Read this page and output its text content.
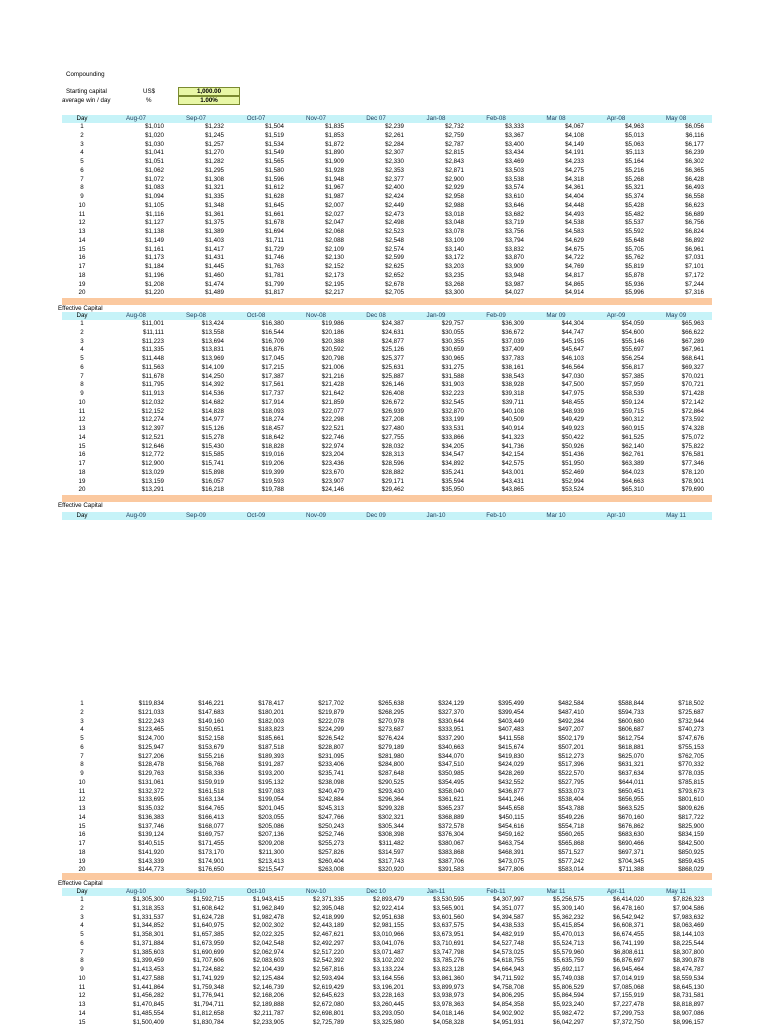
Compounding
Starting capital	US$	1,000.00
average win / day	%	1.00%
Day	Aug-07	Sep-07	Oct-07	Nov-07	Dec 07	Jan-08	Feb-08	Mar 08	Apr-08	May 08
1	$1,010	$1,232	$1,504	$1,835	$2,239	$2,732	$3,333	$4,067	$4,963	$6,056
2	$1,020	$1,245	$1,519	$1,853	$2,261	$2,759	$3,367	$4,108	$5,013	$6,116
3	$1,030	$1,257	$1,534	$1,872	$2,284	$2,787	$3,400	$4,149	$5,063	$6,177
4	$1,041	$1,270	$1,549	$1,890	$2,307	$2,815	$3,434	$4,191	$5,113	$6,239
5	$1,051	$1,282	$1,565	$1,909	$2,330	$2,843	$3,469	$4,233	$5,164	$6,302
6	$1,062	$1,295	$1,580	$1,928	$2,353	$2,871	$3,503	$4,275	$5,216	$6,365
7	$1,072	$1,308	$1,596	$1,948	$2,377	$2,900	$3,538	$4,318	$5,268	$6,428
8	$1,083	$1,321	$1,612	$1,967	$2,400	$2,929	$3,574	$4,361	$5,321	$6,493
9	$1,094	$1,335	$1,628	$1,987	$2,424	$2,958	$3,610	$4,404	$5,374	$6,558
10	$1,105	$1,348	$1,645	$2,007	$2,449	$2,988	$3,646	$4,448	$5,428	$6,623
11	$1,116	$1,361	$1,661	$2,027	$2,473	$3,018	$3,682	$4,493	$5,482	$6,689
12	$1,127	$1,375	$1,678	$2,047	$2,498	$3,048	$3,719	$4,538	$5,537	$6,756
13	$1,138	$1,389	$1,694	$2,068	$2,523	$3,078	$3,756	$4,583	$5,592	$6,824
14	$1,149	$1,403	$1,711	$2,088	$2,548	$3,109	$3,794	$4,629	$5,648	$6,892
15	$1,161	$1,417	$1,729	$2,109	$2,574	$3,140	$3,832	$4,675	$5,705	$6,961
16	$1,173	$1,431	$1,746	$2,130	$2,599	$3,172	$3,870	$4,722	$5,762	$7,031
17	$1,184	$1,445	$1,763	$2,152	$2,625	$3,203	$3,909	$4,769	$5,819	$7,101
18	$1,196	$1,460	$1,781	$2,173	$2,652	$3,235	$3,948	$4,817	$5,878	$7,172
19	$1,208	$1,474	$1,799	$2,195	$2,678	$3,268	$3,987	$4,865	$5,936	$7,244
20	$1,220	$1,489	$1,817	$2,217	$2,705	$3,300	$4,027	$4,914	$5,996	$7,316
Effective Capital
Day	Aug-08	Sep-08	Oct-08	Nov-08	Dec 08	Jan-09	Feb-09	Mar 09	Apr-09	May 09
1	$11,001	$13,424	$16,380	$19,986	$24,387	$29,757	$36,309	$44,304	$54,059	$65,963
2	$11,111	$13,558	$16,544	$20,186	$24,631	$30,055	$36,672	$44,747	$54,600	$66,622
3	$11,223	$13,694	$16,709	$20,388	$24,877	$30,355	$37,039	$45,195	$55,146	$67,289
4	$11,335	$13,831	$16,876	$20,592	$25,126	$30,659	$37,409	$45,647	$55,697	$67,961
5	$11,448	$13,969	$17,045	$20,798	$25,377	$30,965	$37,783	$46,103	$56,254	$68,641
6	$11,563	$14,109	$17,215	$21,006	$25,631	$31,275	$38,161	$46,564	$56,817	$69,327
7	$11,678	$14,250	$17,387	$21,216	$25,887	$31,588	$38,543	$47,030	$57,385	$70,021
8	$11,795	$14,392	$17,561	$21,428	$26,146	$31,903	$38,928	$47,500	$57,959	$70,721
9	$11,913	$14,536	$17,737	$21,642	$26,408	$32,223	$39,318	$47,975	$58,539	$71,428
10	$12,032	$14,682	$17,914	$21,859	$26,672	$32,545	$39,711	$48,455	$59,124	$72,142
11	$12,152	$14,828	$18,093	$22,077	$26,939	$32,870	$40,108	$48,939	$59,715	$72,864
12	$12,274	$14,977	$18,274	$22,298	$27,208	$33,199	$40,509	$49,429	$60,312	$73,592
13	$12,397	$15,126	$18,457	$22,521	$27,480	$33,531	$40,914	$49,923	$60,915	$74,328
14	$12,521	$15,278	$18,642	$22,746	$27,755	$33,866	$41,323	$50,422	$61,525	$75,072
15	$12,646	$15,430	$18,828	$22,974	$28,032	$34,205	$41,736	$50,926	$62,140	$75,822
16	$12,772	$15,585	$19,016	$23,204	$28,313	$34,547	$42,154	$51,436	$62,761	$76,581
17	$12,900	$15,741	$19,206	$23,436	$28,596	$34,892	$42,575	$51,950	$63,389	$77,346
18	$13,029	$15,898	$19,399	$23,670	$28,882	$35,241	$43,001	$52,469	$64,023	$78,120
19	$13,159	$16,057	$19,593	$23,907	$29,171	$35,594	$43,431	$52,994	$64,663	$78,901
20	$13,291	$16,218	$19,788	$24,146	$29,462	$35,950	$43,865	$53,524	$65,310	$79,690
Effective Capital
Day	Aug-09	Sep-09	Oct-09	Nov-09	Dec 09	Jan-10	Feb-10	Mar 10	Apr-10	May 11
1	$119,834	$146,221	$178,417	$217,702	$265,638	$324,129	$395,499	$482,584	$588,844	$718,502
2	$121,033	$147,683	$180,201	$219,879	$268,295	$327,370	$399,454	$487,410	$594,733	$725,687
3	$122,243	$149,160	$182,003	$222,078	$270,978	$330,644	$403,449	$492,284	$600,680	$732,944
4	$123,465	$150,651	$183,823	$224,299	$273,687	$333,951	$407,483	$497,207	$606,687	$740,273
5	$124,700	$152,158	$185,661	$226,542	$276,424	$337,290	$411,558	$502,179	$612,754	$747,676
6	$125,947	$153,679	$187,518	$228,807	$279,189	$340,663	$415,674	$507,201	$618,881	$755,153
7	$127,206	$155,216	$189,393	$231,095	$281,980	$344,070	$419,830	$512,273	$625,070	$762,705
8	$128,478	$156,768	$191,287	$233,406	$284,800	$347,510	$424,029	$517,396	$631,321	$770,332
9	$129,763	$158,336	$193,200	$235,741	$287,648	$350,985	$428,269	$522,570	$637,634	$778,035
10	$131,061	$159,919	$195,132	$238,098	$290,525	$354,495	$432,552	$527,795	$644,011	$785,815
11	$132,372	$161,518	$197,083	$240,479	$293,430	$358,040	$436,877	$533,073	$650,451	$793,673
12	$133,695	$163,134	$199,054	$242,884	$296,364	$361,621	$441,246	$538,404	$656,955	$801,610
13	$135,032	$164,765	$201,045	$245,313	$299,328	$365,237	$445,658	$543,788	$663,525	$809,626
14	$136,383	$166,413	$203,055	$247,766	$302,321	$368,889	$450,115	$549,226	$670,160	$817,722
15	$137,746	$168,077	$205,086	$250,243	$305,344	$372,578	$454,616	$554,718	$676,862	$825,900
16	$139,124	$169,757	$207,136	$252,746	$308,398	$376,304	$459,162	$560,265	$683,630	$834,159
17	$140,515	$171,455	$209,208	$255,273	$311,482	$380,067	$463,754	$565,868	$690,466	$842,500
18	$141,920	$173,170	$211,300	$257,826	$314,597	$383,868	$468,391	$571,527	$697,371	$850,925
19	$143,339	$174,901	$213,413	$260,404	$317,743	$387,706	$473,075	$577,242	$704,345	$859,435
20	$144,773	$176,650	$215,547	$263,008	$320,920	$391,583	$477,806	$583,014	$711,388	$868,029
Effective Capital
Day	Aug-10	Sep-10	Oct-10	Nov-10	Dec 10	Jan-11	Feb-11	Mar 11	Apr-11	May 11
1	$1,305,300	$1,592,715	$1,943,415	$2,371,335	$2,893,479	$3,530,595	$4,307,997	$5,256,575	$6,414,020	$7,826,323
2	$1,318,353	$1,608,642	$1,962,849	$2,395,048	$2,922,414	$3,565,901	$4,351,077	$5,309,140	$6,478,160	$7,904,586
3	$1,331,537	$1,624,728	$1,982,478	$2,418,999	$2,951,638	$3,601,560	$4,394,587	$5,362,232	$6,542,942	$7,983,632
4	$1,344,852	$1,640,975	$2,002,302	$2,443,189	$2,981,155	$3,637,575	$4,438,533	$5,415,854	$6,608,371	$8,063,469
5	$1,358,301	$1,657,385	$2,022,325	$2,467,621	$3,010,966	$3,673,951	$4,482,919	$5,470,013	$6,674,455	$8,144,103
6	$1,371,884	$1,673,959	$2,042,548	$2,492,297	$3,041,076	$3,710,691	$4,527,748	$5,524,713	$6,741,199	$8,225,544
7	$1,385,603	$1,690,699	$2,062,974	$2,517,220	$3,071,487	$3,747,798	$4,573,025	$5,579,960	$6,808,611	$8,307,800
8	$1,399,459	$1,707,606	$2,083,603	$2,542,392	$3,102,202	$3,785,276	$4,618,755	$5,635,759	$6,876,697	$8,390,878
9	$1,413,453	$1,724,682	$2,104,439	$2,567,816	$3,133,224	$3,823,128	$4,664,943	$5,692,117	$6,945,464	$8,474,787
10	$1,427,588	$1,741,929	$2,125,484	$2,593,494	$3,164,556	$3,861,360	$4,711,592	$5,749,038	$7,014,919	$8,559,534
11	$1,441,864	$1,759,348	$2,146,739	$2,619,429	$3,196,201	$3,899,973	$4,758,708	$5,806,529	$7,085,068	$8,645,130
12	$1,456,282	$1,776,941	$2,168,206	$2,645,623	$3,228,163	$3,938,973	$4,806,295	$5,864,594	$7,155,919	$8,731,581
13	$1,470,845	$1,794,711	$2,189,888	$2,672,080	$3,260,445	$3,978,363	$4,854,358	$5,923,240	$7,227,478	$8,818,897
14	$1,485,554	$1,812,658	$2,211,787	$2,698,801	$3,293,050	$4,018,146	$4,902,902	$5,982,472	$7,299,753	$8,907,086
15	$1,500,409	$1,830,784	$2,233,905	$2,725,789	$3,325,980	$4,058,328	$4,951,931	$6,042,297	$7,372,750	$8,996,157
